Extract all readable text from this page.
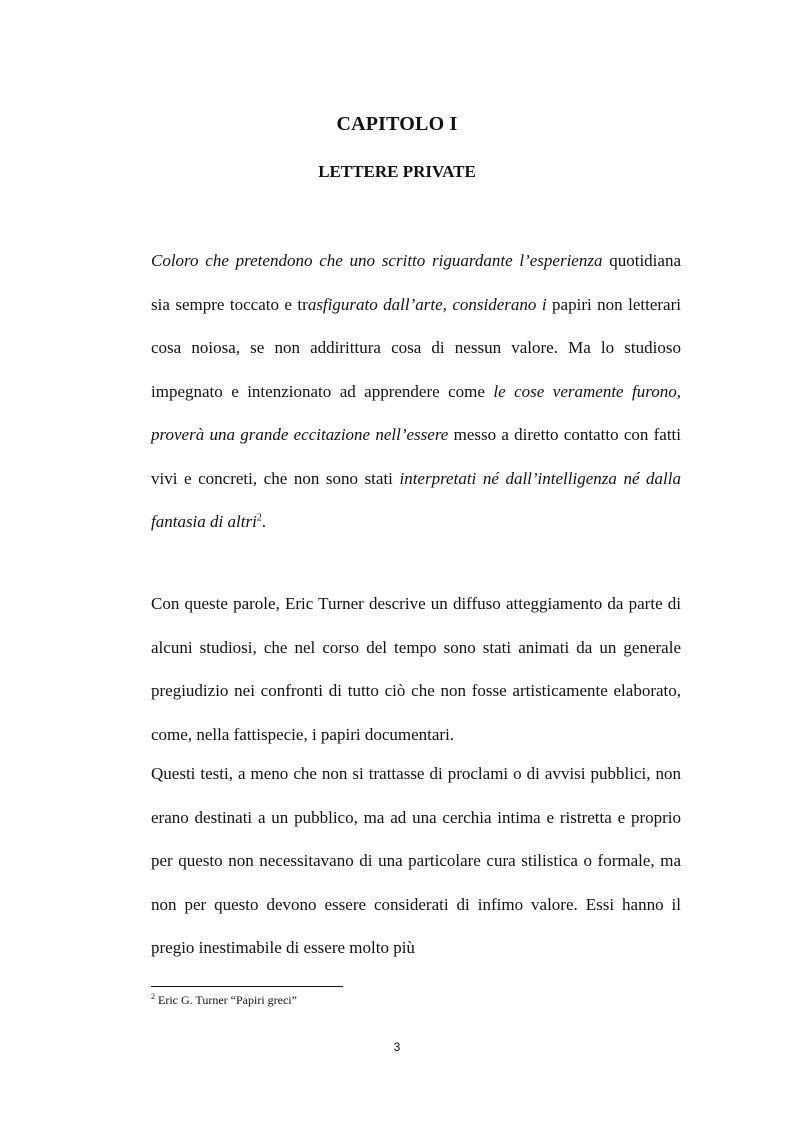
CAPITOLO I
LETTERE PRIVATE

Coloro che pretendono che uno scritto riguardante l’esperienza quotidiana sia sempre toccato e trasfigurato dall’arte, considerano i papiri non letterari cosa noiosa, se non addirittura cosa di nessun valore. Ma lo studioso impegnato e intenzionato ad apprendere come le cose veramente furono, proverà una grande eccitazione nell’essere messo a diretto contatto con fatti vivi e concreti, che non sono stati interpretati né dall’intelligenza né dalla fantasia di altri$^2$.

Con queste parole, Eric Turner descrive un diffuso atteggiamento da parte di alcuni studiosi, che nel corso del tempo sono stati animati da un generale pregiudizio nei confronti di tutto ciò che non fosse artisticamente elaborato, come, nella fattispecie, i papiri documentari.

Questi testi, a meno che non si trattasse di proclami o di avvisi pubblici, non erano destinati a un pubblico, ma ad una cerchia intima e ristretta e proprio per questo non necessitavano di una particolare cura stilistica o formale, ma non per questo devono essere considerati di infimo valore. Essi hanno il pregio inestimabile di essere molto più

$^2$ Eric G. Turner “Papiri greci”

3
